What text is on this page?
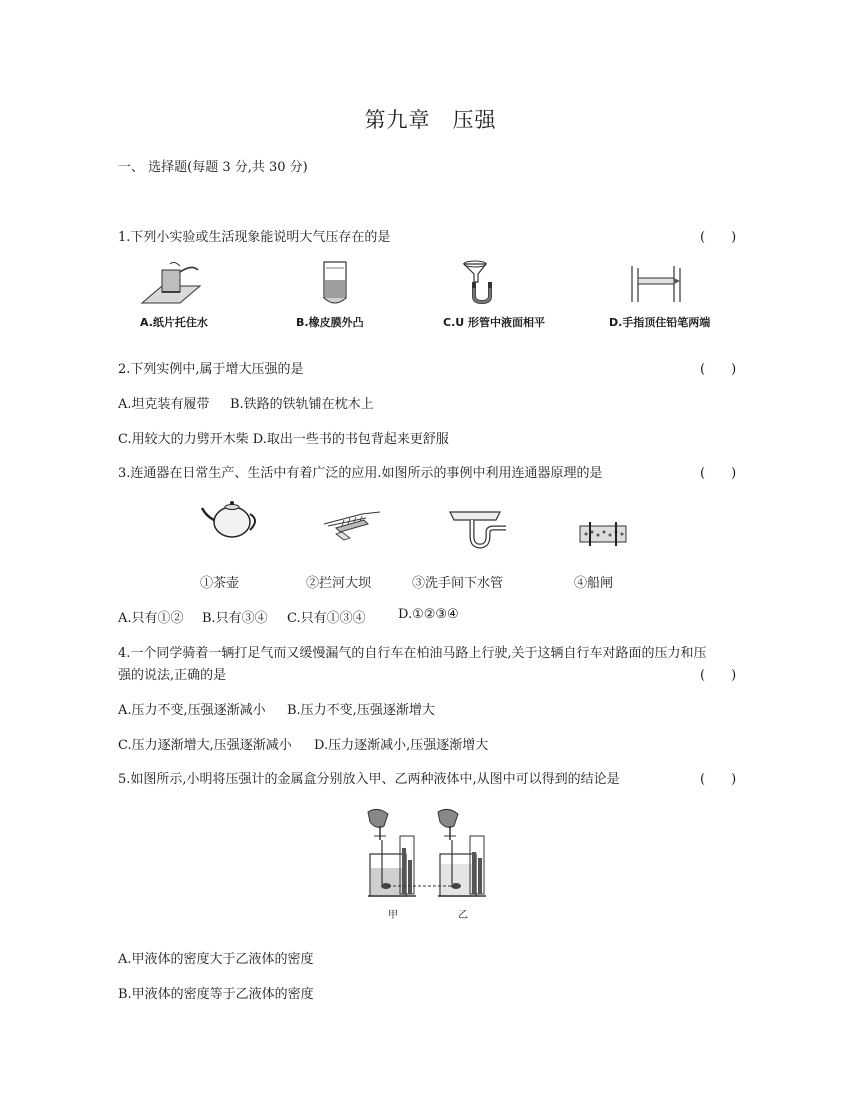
第九章 压强
一、 选择题(每题 3 分,共 30 分)
1.下列小实验或生活现象能说明大气压存在的是	(　　)
A.纸片托住水	B.橡皮膜外凸	C.U 形管中液面相平	D.手指顶住铅笔两端
2.下列实例中,属于增大压强的是	(　　)
A.坦克装有履带 B.铁路的铁轨铺在枕木上
C.用较大的力劈开木柴 D.取出一些书的书包背起来更舒服
3.连通器在日常生产、生活中有着广泛的应用.如图所示的事例中利用连通器原理的是	(　　)
①茶壶	②拦河大坝	③洗手间下水管	④船闸
A.只有①② B.只有③④ C.只有①③④ D.①②③④
4.一个同学骑着一辆打足气而又缓慢漏气的自行车在柏油马路上行驶,关于这辆自行车对路面的压力和压
强的说法,正确的是	(　　)
A.压力不变,压强逐渐减小 B.压力不变,压强逐渐增大
C.压力逐渐增大,压强逐渐减小 D.压力逐渐减小,压强逐渐增大
5.如图所示,小明将压强计的金属盒分别放入甲、乙两种液体中,从图中可以得到的结论是	(　　)
甲	乙
A.甲液体的密度大于乙液体的密度
B.甲液体的密度等于乙液体的密度
